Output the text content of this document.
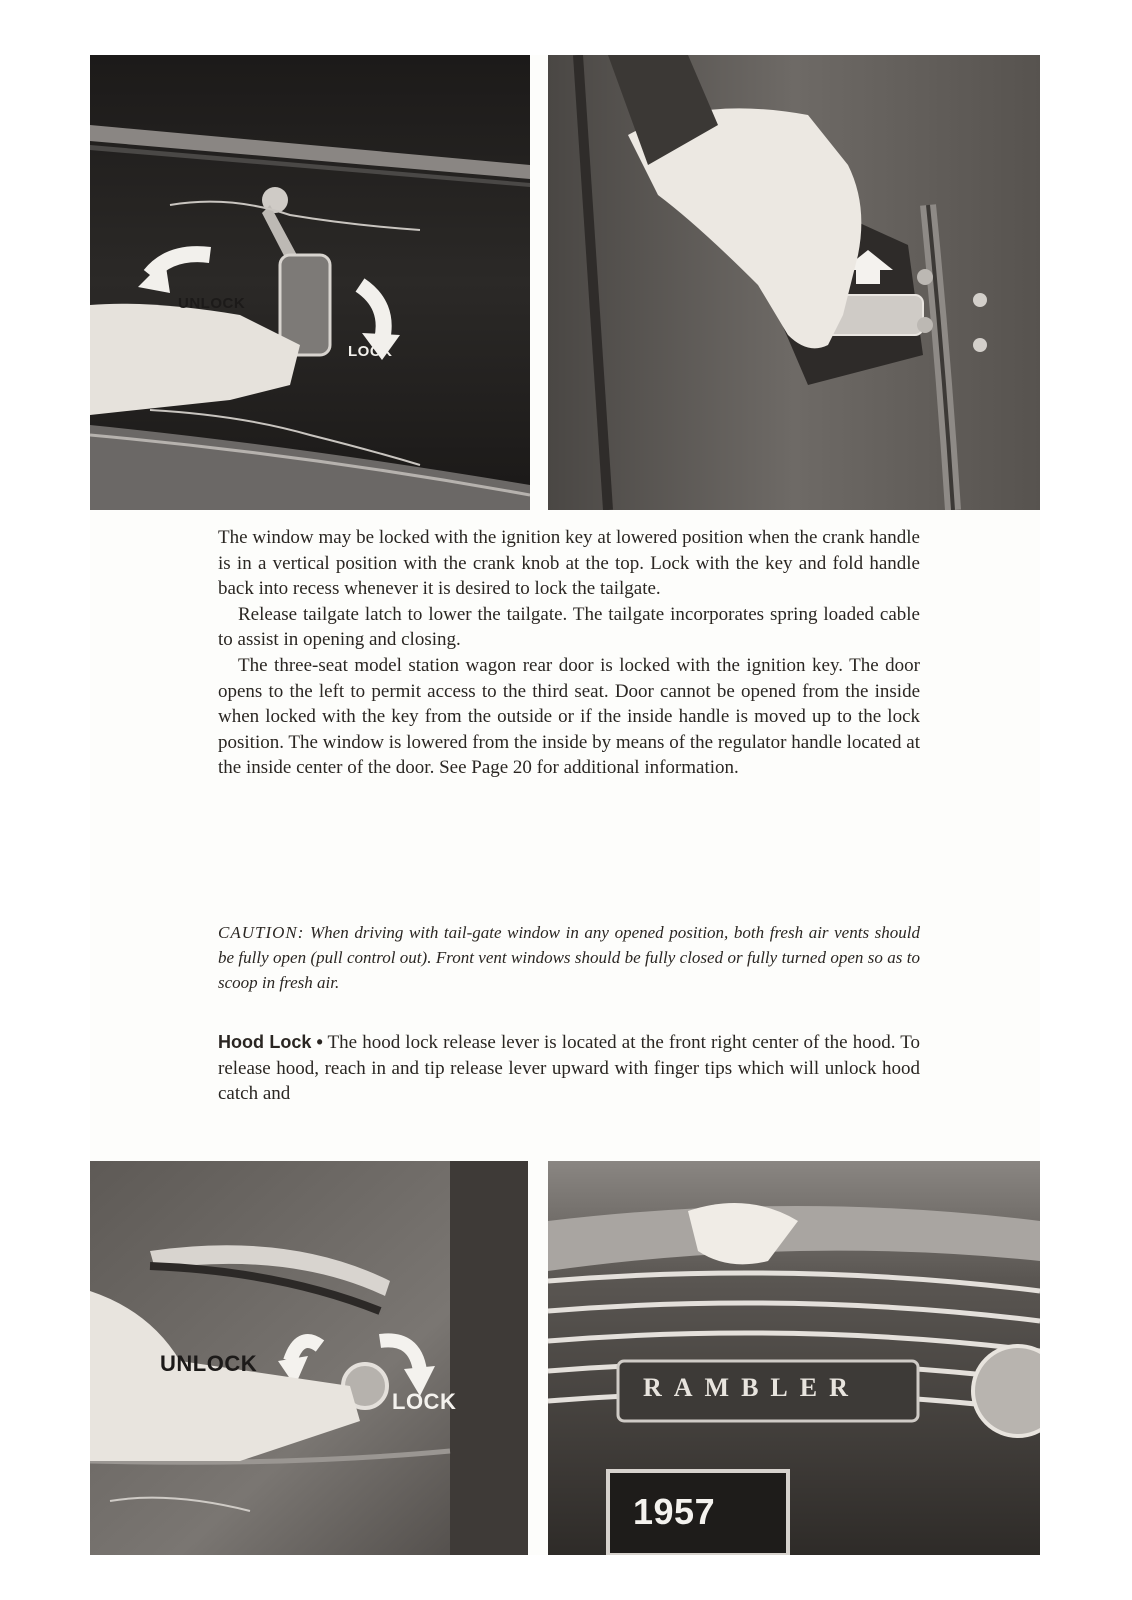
UNLOCK
LOCK

The window may be locked with the ignition key at lowered position when the crank handle is in a vertical position with the crank knob at the top. Lock with the key and fold handle back into recess whenever it is desired to lock the tailgate.

Release tailgate latch to lower the tailgate. The tailgate incorporates spring loaded cable to assist in opening and closing.

The three-seat model station wagon rear door is locked with the ignition key. The door opens to the left to permit access to the third seat. Door cannot be opened from the inside when locked with the key from the outside or if the inside handle is moved up to the lock position. The window is lowered from the inside by means of the regulator handle located at the inside center of the door. See Page 20 for additional information.

CAUTION: When driving with tail-gate window in any opened position, both fresh air vents should be fully open (pull control out). Front vent windows should be fully closed or fully turned open so as to scoop in fresh air.
Hood Lock • The hood lock release lever is located at the front right center of the hood. To release hood, reach in and tip release lever upward with finger tips which will unlock hood catch and
UNLOCK
LOCK	RAMBLER
1957
